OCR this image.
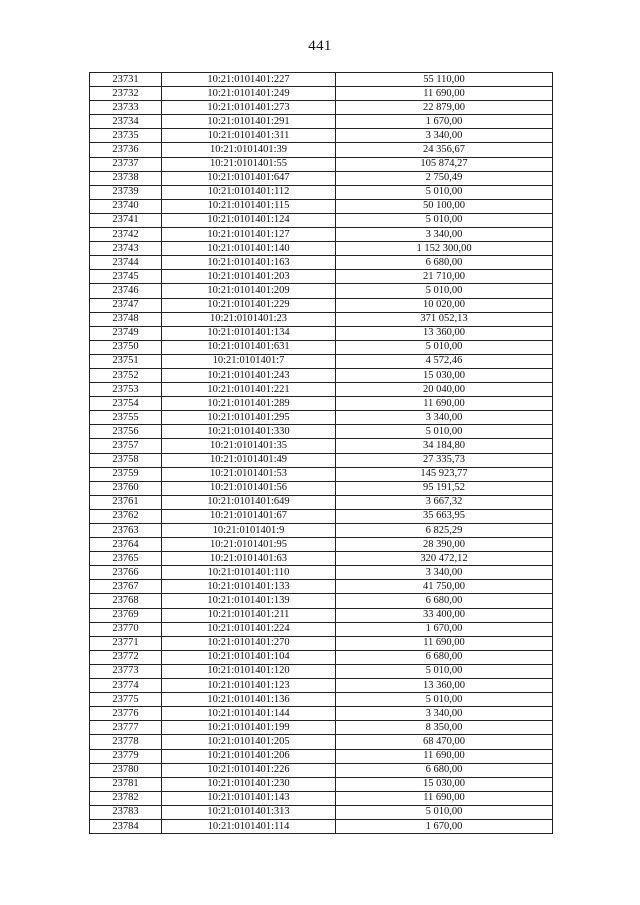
441
23731	10:21:0101401:227	55 110,00
23732	10:21:0101401:249	11 690,00
23733	10:21:0101401:273	22 879,00
23734	10:21:0101401:291	1 670,00
23735	10:21:0101401:311	3 340,00
23736	10:21:0101401:39	24 356,67
23737	10:21:0101401:55	105 874,27
23738	10:21:0101401:647	2 750,49
23739	10:21:0101401:112	5 010,00
23740	10:21:0101401:115	50 100,00
23741	10:21:0101401:124	5 010,00
23742	10:21:0101401:127	3 340,00
23743	10:21:0101401:140	1 152 300,00
23744	10:21:0101401:163	6 680,00
23745	10:21:0101401:203	21 710,00
23746	10:21:0101401:209	5 010,00
23747	10:21:0101401:229	10 020,00
23748	10:21:0101401:23	371 052,13
23749	10:21:0101401:134	13 360,00
23750	10:21:0101401:631	5 010,00
23751	10:21:0101401:7	4 572,46
23752	10:21:0101401:243	15 030,00
23753	10:21:0101401:221	20 040,00
23754	10:21:0101401:289	11 690,00
23755	10:21:0101401:295	3 340,00
23756	10:21:0101401:330	5 010,00
23757	10:21:0101401:35	34 184,80
23758	10:21:0101401:49	27 335,73
23759	10:21:0101401:53	145 923,77
23760	10:21:0101401:56	95 191,52
23761	10:21:0101401:649	3 667,32
23762	10:21:0101401:67	35 663,95
23763	10:21:0101401:9	6 825,29
23764	10:21:0101401:95	28 390,00
23765	10:21:0101401:63	320 472,12
23766	10:21:0101401:110	3 340,00
23767	10:21:0101401:133	41 750,00
23768	10:21:0101401:139	6 680,00
23769	10:21:0101401:211	33 400,00
23770	10:21:0101401:224	1 670,00
23771	10:21:0101401:270	11 690,00
23772	10:21:0101401:104	6 680,00
23773	10:21:0101401:120	5 010,00
23774	10:21:0101401:123	13 360,00
23775	10:21:0101401:136	5 010,00
23776	10:21:0101401:144	3 340,00
23777	10:21:0101401:199	8 350,00
23778	10:21:0101401:205	68 470,00
23779	10:21:0101401:206	11 690,00
23780	10:21:0101401:226	6 680,00
23781	10:21:0101401:230	15 030,00
23782	10:21:0101401:143	11 690,00
23783	10:21:0101401:313	5 010,00
23784	10:21:0101401:114	1 670,00
